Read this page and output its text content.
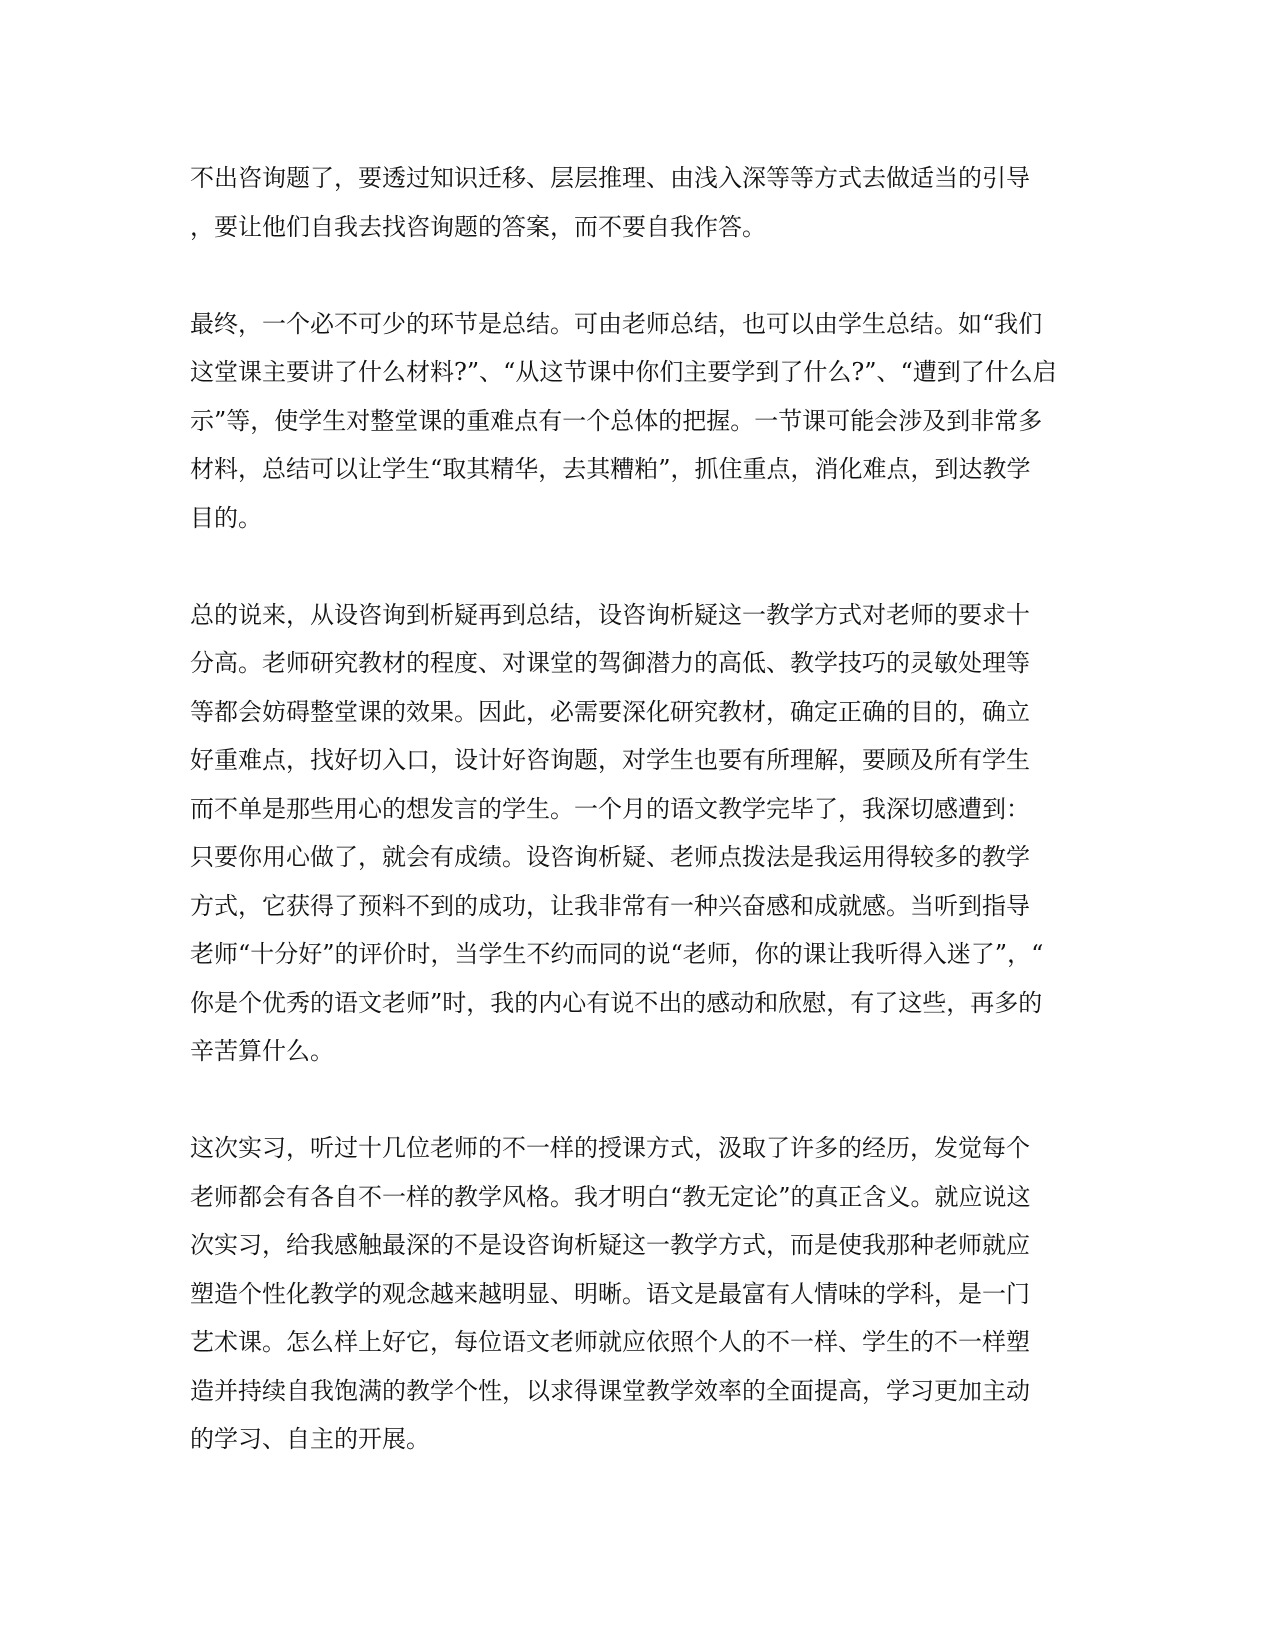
不出咨询题了，要透过知识迁移、层层推理、由浅入深等等方式去做适当的引导
，要让他们自我去找咨询题的答案，而不要自我作答。

最终，一个必不可少的环节是总结。可由老师总结，也可以由学生总结。如“我们
这堂课主要讲了什么材料?”、“从这节课中你们主要学到了什么?”、“遭到了什么启
示”等，使学生对整堂课的重难点有一个总体的把握。一节课可能会涉及到非常多
材料，总结可以让学生“取其精华，去其糟粕”，抓住重点，消化难点，到达教学
目的。

总的说来，从设咨询到析疑再到总结，设咨询析疑这一教学方式对老师的要求十
分高。老师研究教材的程度、对课堂的驾御潜力的高低、教学技巧的灵敏处理等
等都会妨碍整堂课的效果。因此，必需要深化研究教材，确定正确的目的，确立
好重难点，找好切入口，设计好咨询题，对学生也要有所理解，要顾及所有学生
而不单是那些用心的想发言的学生。一个月的语文教学完毕了，我深切感遭到：
只要你用心做了，就会有成绩。设咨询析疑、老师点拨法是我运用得较多的教学
方式，它获得了预料不到的成功，让我非常有一种兴奋感和成就感。当听到指导
老师“十分好”的评价时，当学生不约而同的说“老师，你的课让我听得入迷了”，“
你是个优秀的语文老师”时，我的内心有说不出的感动和欣慰，有了这些，再多的
辛苦算什么。

这次实习，听过十几位老师的不一样的授课方式，汲取了许多的经历，发觉每个
老师都会有各自不一样的教学风格。我才明白“教无定论”的真正含义。就应说这
次实习，给我感触最深的不是设咨询析疑这一教学方式，而是使我那种老师就应
塑造个性化教学的观念越来越明显、明晰。语文是最富有人情味的学科，是一门
艺术课。怎么样上好它，每位语文老师就应依照个人的不一样、学生的不一样塑
造并持续自我饱满的教学个性，以求得课堂教学效率的全面提高，学习更加主动
的学习、自主的开展。
